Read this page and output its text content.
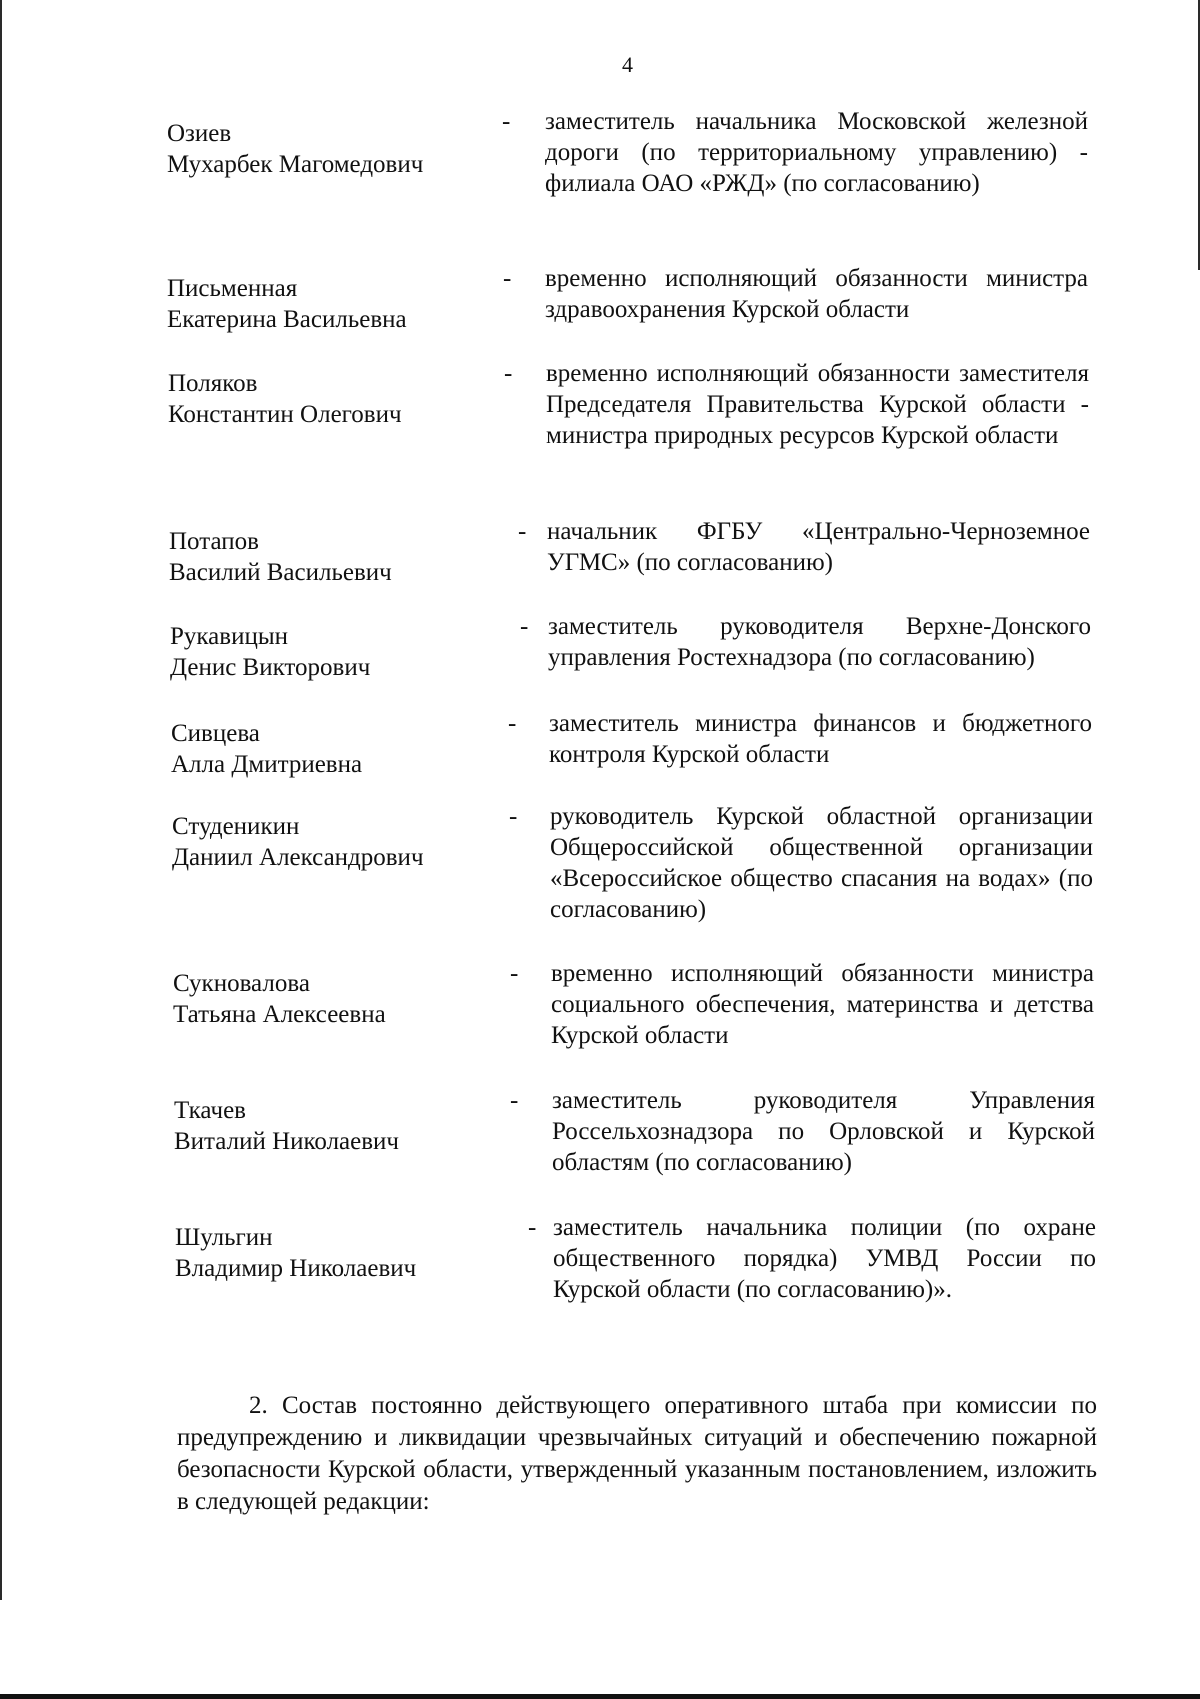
4
Озиев
Мухарбек Магомедович
- заместитель начальника Московской железной дороги (по территориальному управлению) - филиала ОАО «РЖД» (по согласованию)
Письменная
Екатерина Васильевна
- временно исполняющий обязанности министра здравоохранения Курской области
Поляков
Константин Олегович
- временно исполняющий обязанности заместителя Председателя Правительства Курской области - министра природных ресурсов Курской области
Потапов
Василий Васильевич
- начальник ФГБУ «Центрально-Черноземное УГМС» (по согласованию)
Рукавицын
Денис Викторович
- заместитель руководителя Верхне-Донского управления Ростехнадзора (по согласованию)
Сивцева
Алла Дмитриевна
- заместитель министра финансов и бюджетного контроля Курской области
Студеникин
Даниил Александрович
- руководитель Курской областной организации Общероссийской общественной организации «Всероссийское общество спасания на водах» (по согласованию)
Сукновалова
Татьяна Алексеевна
- временно исполняющий обязанности министра социального обеспечения, материнства и детства Курской области
Ткачев
Виталий Николаевич
- заместитель руководителя Управления Россельхознадзора по Орловской и Курской областям (по согласованию)
Шульгин
Владимир Николаевич
- заместитель начальника полиции (по охране общественного порядка) УМВД России по Курской области (по согласованию)».

2. Состав постоянно действующего оперативного штаба при комиссии по предупреждению и ликвидации чрезвычайных ситуаций и обеспечению пожарной безопасности Курской области, утвержденный указанным постановлением, изложить в следующей редакции:
